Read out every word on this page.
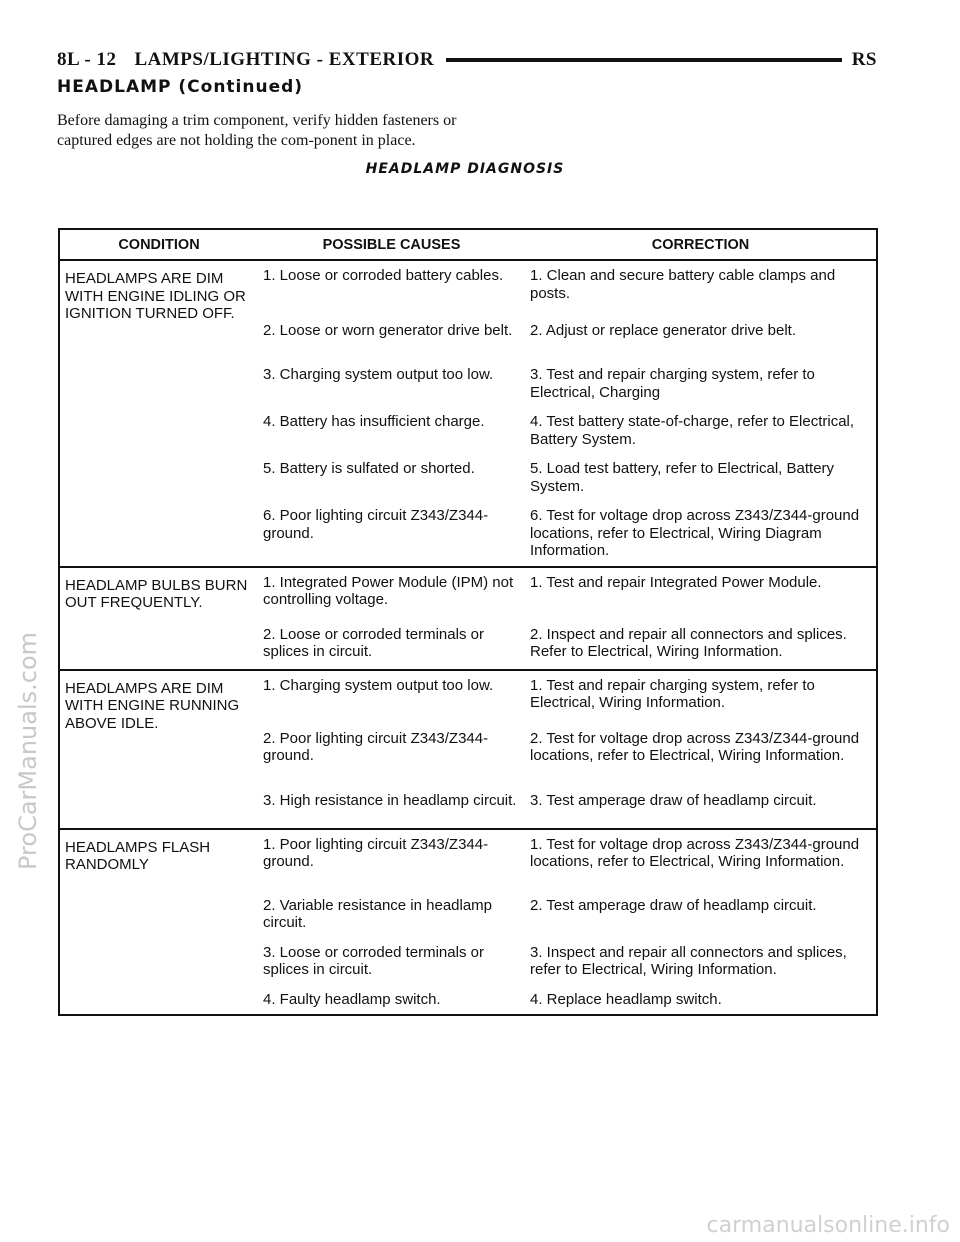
8L - 12 LAMPS/LIGHTING - EXTERIOR	RS
HEADLAMP (Continued)
Before damaging a trim component, verify hidden fasteners or captured edges are not holding the com-ponent in place.
HEADLAMP DIAGNOSIS
CONDITION	POSSIBLE CAUSES	CORRECTION
HEADLAMPS ARE DIM WITH ENGINE IDLING OR IGNITION TURNED OFF.	1. Loose or corroded battery cables.	1. Clean and secure battery cable clamps and posts.
	2. Loose or worn generator drive belt.	2. Adjust or replace generator drive belt.
	3. Charging system output too low.	3. Test and repair charging system, refer to Electrical, Charging
	4. Battery has insufficient charge.	4. Test battery state-of-charge, refer to Electrical, Battery System.
	5. Battery is sulfated or shorted.	5. Load test battery, refer to Electrical, Battery System.
	6. Poor lighting circuit Z343/Z344-ground.	6. Test for voltage drop across Z343/Z344-ground locations, refer to Electrical, Wiring Diagram Information.
HEADLAMP BULBS BURN OUT FREQUENTLY.	1. Integrated Power Module (IPM) not controlling voltage.	1. Test and repair Integrated Power Module.
	2. Loose or corroded terminals or splices in circuit.	2. Inspect and repair all connectors and splices. Refer to Electrical, Wiring Information.
HEADLAMPS ARE DIM WITH ENGINE RUNNING ABOVE IDLE.	1. Charging system output too low.	1. Test and repair charging system, refer to Electrical, Wiring Information.
	2. Poor lighting circuit Z343/Z344-ground.	2. Test for voltage drop across Z343/Z344-ground locations, refer to Electrical, Wiring Information.
	3. High resistance in headlamp circuit.	3. Test amperage draw of headlamp circuit.
HEADLAMPS FLASH RANDOMLY	1. Poor lighting circuit Z343/Z344-ground.	1. Test for voltage drop across Z343/Z344-ground locations, refer to Electrical, Wiring Information.
	2. Variable resistance in headlamp circuit.	2. Test amperage draw of headlamp circuit.
	3. Loose or corroded terminals or splices in circuit.	3. Inspect and repair all connectors and splices, refer to Electrical, Wiring Information.
	4. Faulty headlamp switch.	4. Replace headlamp switch.
ProCarManuals.com
carmanualsonline.info
